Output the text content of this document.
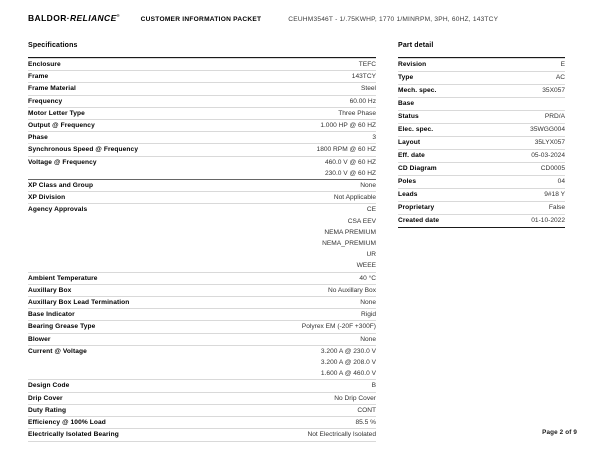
BALDOR·RELIANCE®
CUSTOMER INFORMATION PACKET	CEUHM3546T - 1/.75KWHP, 1770 1/MINRPM, 3PH, 60HZ, 143TCY
Specifications
Enclosure	TEFC
Frame	143TCY
Frame Material	Steel
Frequency	60.00 Hz
Motor Letter Type	Three Phase
Output @ Frequency	1.000 HP @ 60 HZ
Phase	3
Synchronous Speed @ Frequency	1800 RPM @ 60 HZ
Voltage @ Frequency	460.0 V @ 60 HZ
230.0 V @ 60 HZ
XP Class and Group	None
XP Division	Not Applicable
Agency Approvals	CE
CSA EEV
NEMA PREMIUM
NEMA_PREMIUM
UR
WEEE
Ambient Temperature	40 °C
Auxillary Box	No Auxillary Box
Auxillary Box Lead Termination	None
Base Indicator	Rigid
Bearing Grease Type	Polyrex EM (-20F +300F)
Blower	None
Current @ Voltage	3.200 A @ 230.0 V
3.200 A @ 208.0 V
1.600 A @ 460.0 V
Design Code	B
Drip Cover	No Drip Cover
Duty Rating	CONT
Efficiency @ 100% Load	85.5 %
Electrically Isolated Bearing	Not Electrically Isolated
Part detail
Revision	E
Type	AC
Mech. spec.	35X057
Base
Status	PRD/A
Elec. spec.	35WGG004
Layout	35LYX057
Eff. date	05-03-2024
CD Diagram	CD0005
Poles	04
Leads	9#18 Y
Proprietary	False
Created date	01-10-2022
Page 2 of 9
